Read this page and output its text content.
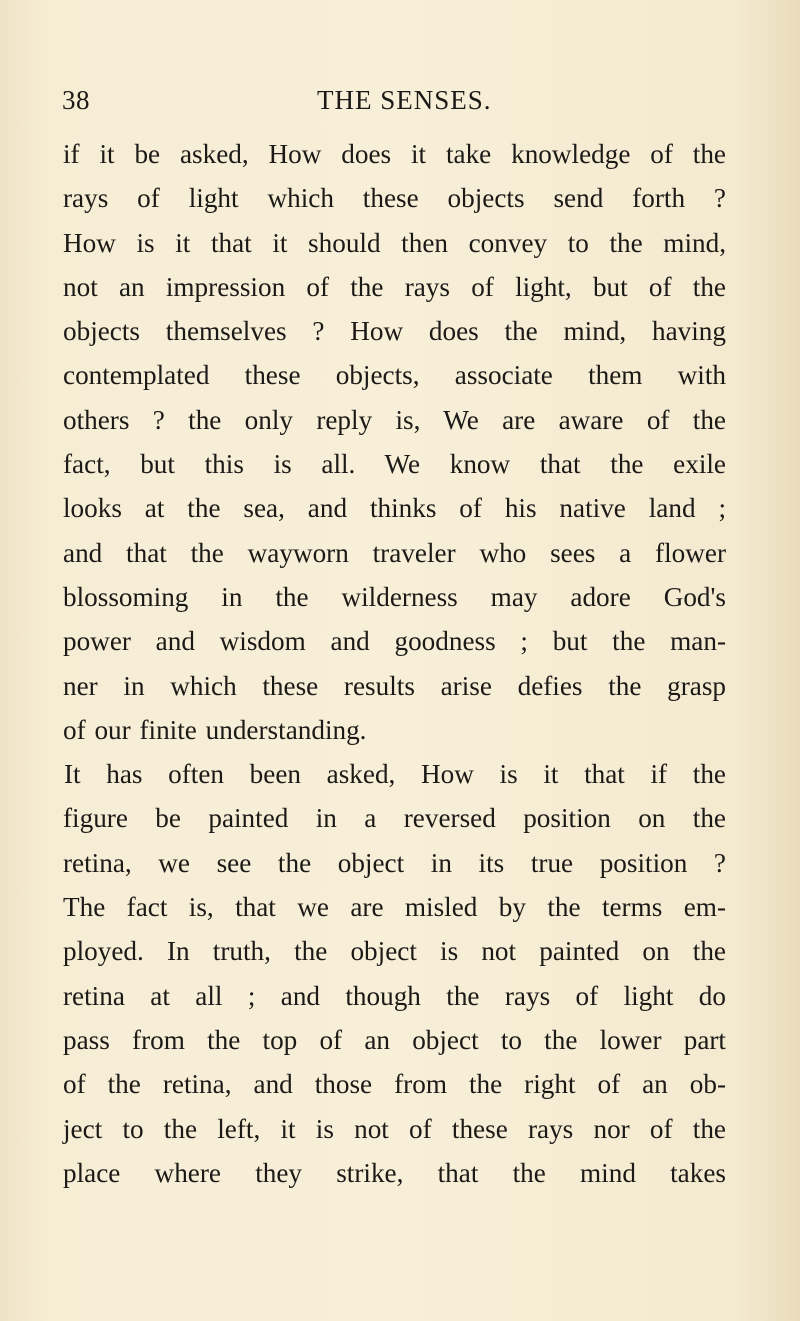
38	THE SENSES.
if it be asked, How does it take knowledge of the
rays of light which these objects send forth ?
How is it that it should then convey to the mind,
not an impression of the rays of light, but of the
objects themselves ? How does the mind, having
contemplated these objects, associate them with
others ? the only reply is, We are aware of the
fact, but this is all. We know that the exile
looks at the sea, and thinks of his native land ;
and that the wayworn traveler who sees a flower
blossoming in the wilderness may adore God's
power and wisdom and goodness ; but the man-
ner in which these results arise defies the grasp
of our finite understanding.
It has often been asked, How is it that if the
figure be painted in a reversed position on the
retina, we see the object in its true position ?
The fact is, that we are misled by the terms em-
ployed. In truth, the object is not painted on the
retina at all ; and though the rays of light do
pass from the top of an object to the lower part
of the retina, and those from the right of an ob-
ject to the left, it is not of these rays nor of the
place where they strike, that the mind takes
